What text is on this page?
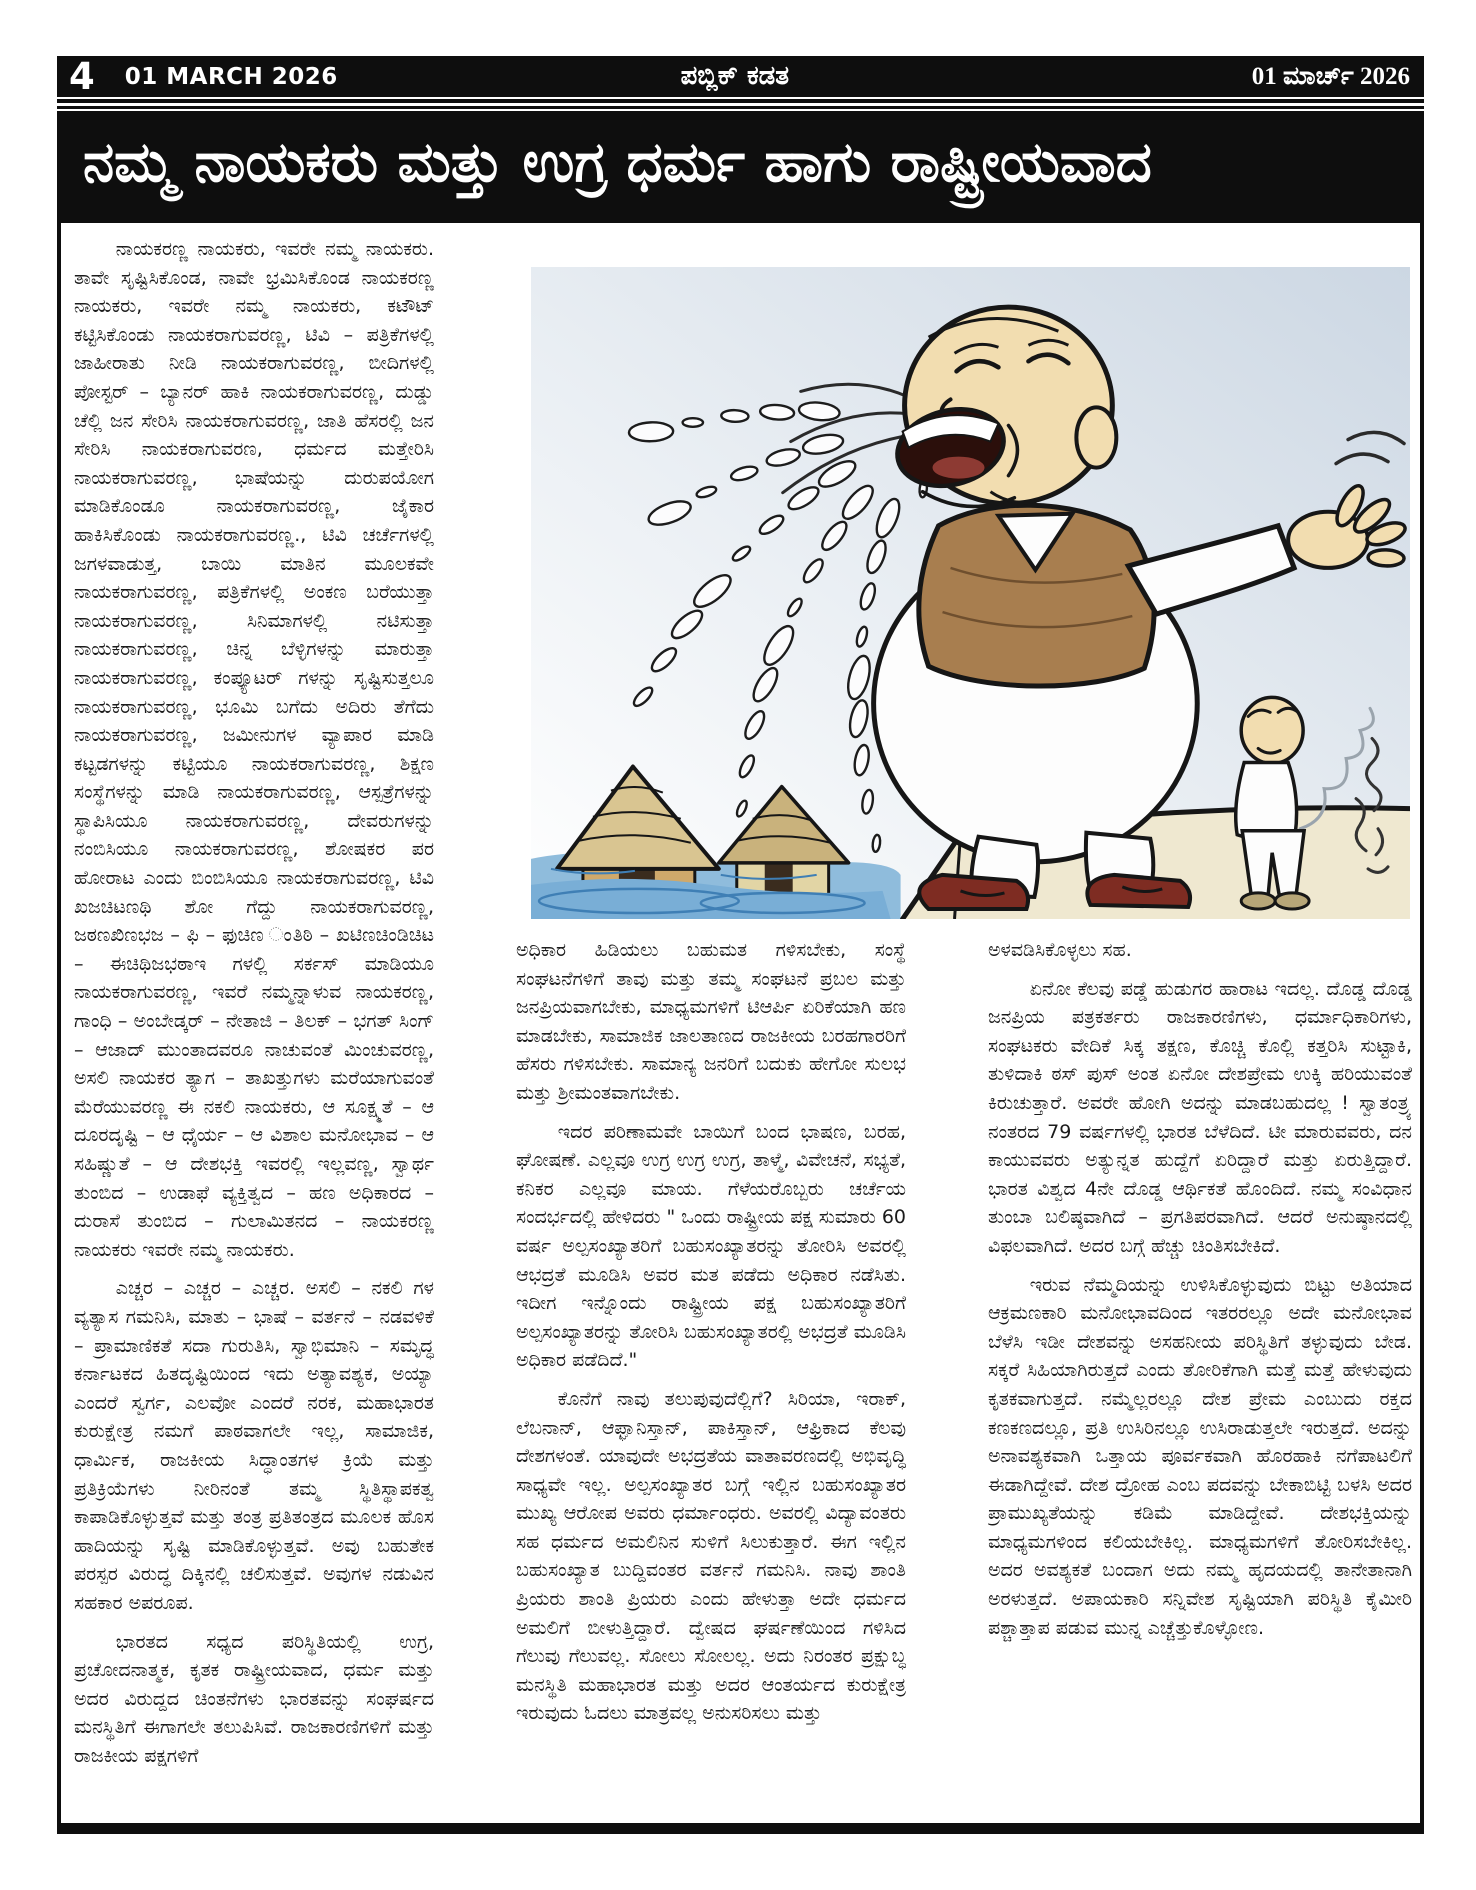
4 01 MARCH 2026	ಪಬ್ಲಿಕ್ ಕಡತ	01 ಮಾರ್ಚ್ 2026
ನಮ್ಮ ನಾಯಕರು ಮತ್ತು ಉಗ್ರ ಧರ್ಮ ಹಾಗು ರಾಷ್ಟ್ರೀಯವಾದ

ನಾಯಕರಣ್ಣ ನಾಯಕರು, ಇವರೇ ನಮ್ಮ ನಾಯಕರು. ತಾವೇ ಸೃಷ್ಟಿಸಿಕೊಂಡ, ನಾವೇ ಭ್ರಮಿಸಿಕೊಂಡ ನಾಯಕರಣ್ಣ ನಾಯಕರು, ಇವರೇ ನಮ್ಮ ನಾಯಕರು, ಕಟೌಟ್ ಕಟ್ಟಿಸಿಕೊಂಡು ನಾಯಕರಾಗುವರಣ್ಣ, ಟಿವಿ – ಪತ್ರಿಕೆಗಳಲ್ಲಿ ಜಾಹೀರಾತು ನೀಡಿ ನಾಯಕರಾಗುವರಣ್ಣ, ಬೀದಿಗಳಲ್ಲಿ ಪೋಸ್ಟರ್ – ಬ್ಯಾನರ್ ಹಾಕಿ ನಾಯಕರಾಗುವರಣ್ಣ, ದುಡ್ಡು ಚೆಲ್ಲಿ ಜನ ಸೇರಿಸಿ ನಾಯಕರಾಗುವರಣ್ಣ, ಜಾತಿ ಹೆಸರಲ್ಲಿ ಜನ ಸೇರಿಸಿ ನಾಯಕರಾಗುವರಣ, ಧರ್ಮದ ಮತ್ತೇರಿಸಿ ನಾಯಕರಾಗುವರಣ್ಣ, ಭಾಷೆಯನ್ನು ದುರುಪಯೋಗ ಮಾಡಿಕೊಂಡೂ ನಾಯಕರಾಗುವರಣ್ಣ, ಜೈಕಾರ ಹಾಕಿಸಿಕೊಂಡು ನಾಯಕರಾಗುವರಣ್ಣ., ಟಿವಿ ಚರ್ಚೆಗಳಲ್ಲಿ ಜಗಳವಾಡುತ್ತ, ಬಾಯಿ ಮಾತಿನ ಮೂಲಕವೇ ನಾಯಕರಾಗುವರಣ್ಣ, ಪತ್ರಿಕೆಗಳಲ್ಲಿ ಅಂಕಣ ಬರೆಯುತ್ತಾ ನಾಯಕರಾಗುವರಣ್ಣ, ಸಿನಿಮಾಗಳಲ್ಲಿ ನಟಿಸುತ್ತಾ ನಾಯಕರಾಗುವರಣ್ಣ, ಚಿನ್ನ ಬೆಳ್ಳಿಗಳನ್ನು ಮಾರುತ್ತಾ ನಾಯಕರಾಗುವರಣ್ಣ, ಕಂಪ್ಯೂಟರ್ ಗಳನ್ನು ಸೃಷ್ಟಿಸುತ್ತಲೂ ನಾಯಕರಾಗುವರಣ್ಣ, ಭೂಮಿ ಬಗೆದು ಅದಿರು ತೆಗೆದು ನಾಯಕರಾಗುವರಣ್ಣ, ಜಮೀನುಗಳ ವ್ಯಾಪಾರ ಮಾಡಿ ಕಟ್ಟಡಗಳನ್ನು ಕಟ್ಟಿಯೂ ನಾಯಕರಾಗುವರಣ್ಣ, ಶಿಕ್ಷಣ ಸಂಸ್ಥೆಗಳನ್ನು ಮಾಡಿ ನಾಯಕರಾಗುವರಣ್ಣ, ಆಸ್ಪತ್ರೆಗಳನ್ನು ಸ್ಥಾಪಿಸಿಯೂ ನಾಯಕರಾಗುವರಣ್ಣ, ದೇವರುಗಳನ್ನು ನಂಬಿಸಿಯೂ ನಾಯಕರಾಗುವರಣ್ಣ, ಶೋಷಕರ ಪರ ಹೋರಾಟ ಎಂದು ಬಿಂಬಿಸಿಯೂ ನಾಯಕರಾಗುವರಣ್ಣ, ಟಿವಿ ಖಜಚಿಟಣಥಿ ಶೋ ಗೆದ್ದು ನಾಯಕರಾಗುವರಣ್ಣ, ಜಠಣಖಿಣಭಜ – ಫಿ – ಫುಚಿಣ ಂತಿಠಿ – ಖಟಿಣಚಿಂಡಿಚಿಟ – ಈಚಿಥಿಜಭಠಾಇ ಗಳಲ್ಲಿ ಸರ್ಕಸ್ ಮಾಡಿಯೂ ನಾಯಕರಾಗುವರಣ್ಣ, ಇವರೆ ನಮ್ಮನ್ನಾಳುವ ನಾಯಕರಣ್ಣ, ಗಾಂಧಿ – ಅಂಬೇಡ್ಕರ್ – ನೇತಾಜಿ – ತಿಲಕ್ – ಭಗತ್ ಸಿಂಗ್ – ಆಜಾದ್ ಮುಂತಾದವರೂ ನಾಚುವಂತೆ ಮಿಂಚುವರಣ್ಣ, ಅಸಲಿ ನಾಯಕರ ತ್ಯಾಗ – ತಾಖತ್ತುಗಳು ಮರೆಯಾಗುವಂತೆ ಮೆರೆಯುವರಣ್ಣ ಈ ನಕಲಿ ನಾಯಕರು, ಆ ಸೂಕ್ಷ್ಮತೆ – ಆ ದೂರದೃಷ್ಟಿ – ಆ ಧೈರ್ಯ – ಆ ವಿಶಾಲ ಮನೋಭಾವ – ಆ ಸಹಿಷ್ಣುತೆ – ಆ ದೇಶಭಕ್ತಿ ಇವರಲ್ಲಿ ಇಲ್ಲವಣ್ಣ, ಸ್ವಾರ್ಥ ತುಂಬಿದ – ಉಡಾಫೆ ವ್ಯಕ್ತಿತ್ವದ – ಹಣ ಅಧಿಕಾರದ – ದುರಾಸೆ ತುಂಬಿದ – ಗುಲಾಮಿತನದ – ನಾಯಕರಣ್ಣ ನಾಯಕರು ಇವರೇ ನಮ್ಮ ನಾಯಕರು.

ಎಚ್ಚರ – ಎಚ್ಚರ – ಎಚ್ಚರ. ಅಸಲಿ – ನಕಲಿ ಗಳ ವ್ಯತ್ಯಾಸ ಗಮನಿಸಿ, ಮಾತು – ಭಾಷೆ – ವರ್ತನೆ – ನಡವಳಿಕೆ – ಪ್ರಾಮಾಣಿಕತೆ ಸದಾ ಗುರುತಿಸಿ, ಸ್ವಾಭಿಮಾನಿ – ಸಮೃದ್ಧ ಕರ್ನಾಟಕದ ಹಿತದೃಷ್ಟಿಯಿಂದ ಇದು ಅತ್ಯಾವಶ್ಯಕ, ಅಯ್ಯಾ ಎಂದರೆ ಸ್ವರ್ಗ, ಎಲವೋ ಎಂದರೆ ನರಕ, ಮಹಾಭಾರತ ಕುರುಕ್ಷೇತ್ರ ನಮಗೆ ಪಾಠವಾಗಲೇ ಇಲ್ಲ, ಸಾಮಾಜಿಕ, ಧಾರ್ಮಿಕ, ರಾಜಕೀಯ ಸಿದ್ಧಾಂತಗಳ ಕ್ರಿಯೆ ಮತ್ತು ಪ್ರತಿಕ್ರಿಯೆಗಳು ನೀರಿನಂತೆ ತಮ್ಮ ಸ್ಥಿತಿಸ್ಥಾಪಕತ್ವ ಕಾಪಾಡಿಕೊಳ್ಳುತ್ತವೆ ಮತ್ತು ತಂತ್ರ ಪ್ರತಿತಂತ್ರದ ಮೂಲಕ ಹೊಸ ಹಾದಿಯನ್ನು ಸೃಷ್ಟಿ ಮಾಡಿಕೊಳ್ಳುತ್ತವೆ. ಅವು ಬಹುತೇಕ ಪರಸ್ಪರ ವಿರುದ್ಧ ದಿಕ್ಕಿನಲ್ಲಿ ಚಲಿಸುತ್ತವೆ. ಅವುಗಳ ನಡುವಿನ ಸಹಕಾರ ಅಪರೂಪ.

ಭಾರತದ ಸಧ್ಯದ ಪರಿಸ್ಥಿತಿಯಲ್ಲಿ ಉಗ್ರ, ಪ್ರಚೋದನಾತ್ಮಕ, ಕೃತಕ ರಾಷ್ಟ್ರೀಯವಾದ, ಧರ್ಮ ಮತ್ತು ಅದರ ವಿರುದ್ದದ ಚಿಂತನೆಗಳು ಭಾರತವನ್ನು ಸಂಘರ್ಷದ ಮನಸ್ಥಿತಿಗೆ ಈಗಾಗಲೇ ತಲುಪಿಸಿವೆ. ರಾಜಕಾರಣಿಗಳಿಗೆ ಮತ್ತು ರಾಜಕೀಯ ಪಕ್ಷಗಳಿಗೆ

ಅಧಿಕಾರ ಹಿಡಿಯಲು ಬಹುಮತ ಗಳಿಸಬೇಕು, ಸಂಸ್ಥೆ ಸಂಘಟನೆಗಳಿಗೆ ತಾವು ಮತ್ತು ತಮ್ಮ ಸಂಘಟನೆ ಪ್ರಬಲ ಮತ್ತು ಜನಪ್ರಿಯವಾಗಬೇಕು, ಮಾಧ್ಯಮಗಳಿಗೆ ಟಿಆರ್ಪಿ ಏರಿಕೆಯಾಗಿ ಹಣ ಮಾಡಬೇಕು, ಸಾಮಾಜಿಕ ಜಾಲತಾಣದ ರಾಜಕೀಯ ಬರಹಗಾರರಿಗೆ ಹೆಸರು ಗಳಿಸಬೇಕು. ಸಾಮಾನ್ಯ ಜನರಿಗೆ ಬದುಕು ಹೇಗೋ ಸುಲಭ ಮತ್ತು ಶ್ರೀಮಂತವಾಗಬೇಕು.

ಇದರ ಪರಿಣಾಮವೇ ಬಾಯಿಗೆ ಬಂದ ಭಾಷಣ, ಬರಹ, ಘೋಷಣೆ. ಎಲ್ಲವೂ ಉಗ್ರ ಉಗ್ರ ಉಗ್ರ, ತಾಳ್ಮೆ, ವಿವೇಚನೆ, ಸಭ್ಯತೆ, ಕನಿಕರ ಎಲ್ಲವೂ ಮಾಯ. ಗೆಳೆಯರೊಬ್ಬರು ಚರ್ಚೆಯ ಸಂದರ್ಭದಲ್ಲಿ ಹೇಳಿದರು " ಒಂದು ರಾಷ್ಟ್ರೀಯ ಪಕ್ಷ ಸುಮಾರು 60 ವರ್ಷ ಅಲ್ಪಸಂಖ್ಯಾತರಿಗೆ ಬಹುಸಂಖ್ಯಾತರನ್ನು ತೋರಿಸಿ ಅವರಲ್ಲಿ ಆಭದ್ರತೆ ಮೂಡಿಸಿ ಅವರ ಮತ ಪಡೆದು ಅಧಿಕಾರ ನಡೆಸಿತು. ಇದೀಗ ಇನ್ನೊಂದು ರಾಷ್ಟ್ರೀಯ ಪಕ್ಷ ಬಹುಸಂಖ್ಯಾತರಿಗೆ ಅಲ್ಪಸಂಖ್ಯಾತರನ್ನು ತೋರಿಸಿ ಬಹುಸಂಖ್ಯಾತರಲ್ಲಿ ಅಭದ್ರತೆ ಮೂಡಿಸಿ ಅಧಿಕಾರ ಪಡೆದಿದೆ."

ಕೊನೆಗೆ ನಾವು ತಲುಪುವುದೆಲ್ಲಿಗೆ? ಸಿರಿಯಾ, ಇರಾಕ್, ಲೆಬನಾನ್, ಆಫ್ಘಾನಿಸ್ತಾನ್, ಪಾಕಿಸ್ತಾನ್, ಆಫ್ರಿಕಾದ ಕೆಲವು ದೇಶಗಳಂತೆ. ಯಾವುದೇ ಅಭದ್ರತೆಯ ವಾತಾವರಣದಲ್ಲಿ ಅಭಿವೃದ್ಧಿ ಸಾಧ್ಯವೇ ಇಲ್ಲ. ಅಲ್ಪಸಂಖ್ಯಾತರ ಬಗ್ಗೆ ಇಲ್ಲಿನ ಬಹುಸಂಖ್ಯಾತರ ಮುಖ್ಯ ಆರೋಪ ಅವರು ಧರ್ಮಾಂಧರು. ಅವರಲ್ಲಿ ವಿದ್ಯಾವಂತರು ಸಹ ಧರ್ಮದ ಅಮಲಿನಿನ ಸುಳಿಗೆ ಸಿಲುಕುತ್ತಾರೆ. ಈಗ ಇಲ್ಲಿನ ಬಹುಸಂಖ್ಯಾತ ಬುದ್ದಿವಂತರ ವರ್ತನೆ ಗಮನಿಸಿ. ನಾವು ಶಾಂತಿ ಪ್ರಿಯರು ಶಾಂತಿ ಪ್ರಿಯರು ಎಂದು ಹೇಳುತ್ತಾ ಅದೇ ಧರ್ಮದ ಅಮಲಿಗೆ ಬೀಳುತ್ತಿದ್ದಾರೆ. ದ್ವೇಷದ ಘರ್ಷಣೆಯಿಂದ ಗಳಿಸಿದ ಗೆಲುವು ಗೆಲುವಲ್ಲ. ಸೋಲು ಸೋಲಲ್ಲ. ಅದು ನಿರಂತರ ಪ್ರಕ್ಷುಬ್ಧ ಮನಸ್ಥಿತಿ ಮಹಾಭಾರತ ಮತ್ತು ಅದರ ಆಂತರ್ಯದ ಕುರುಕ್ಷೇತ್ರ ಇರುವುದು ಓದಲು ಮಾತ್ರವಲ್ಲ ಅನುಸರಿಸಲು ಮತ್ತು

ಅಳವಡಿಸಿಕೊಳ್ಳಲು ಸಹ.

ಏನೋ ಕೆಲವು ಪಡ್ಡೆ ಹುಡುಗರ ಹಾರಾಟ ಇದಲ್ಲ. ದೊಡ್ಡ ದೊಡ್ಡ ಜನಪ್ರಿಯ ಪತ್ರಕರ್ತರು ರಾಜಕಾರಣಿಗಳು, ಧರ್ಮಾಧಿಕಾರಿಗಳು, ಸಂಘಟಕರು ವೇದಿಕೆ ಸಿಕ್ಕ ತಕ್ಷಣ, ಕೊಚ್ಚಿ ಕೊಲ್ಲಿ ಕತ್ತರಿಸಿ ಸುಟ್ಟಾಕಿ, ತುಳಿದಾಕಿ ಠಸ್ ಪುಸ್ ಅಂತ ಏನೋ ದೇಶಪ್ರೇಮ ಉಕ್ಕಿ ಹರಿಯುವಂತೆ ಕಿರುಚುತ್ತಾರೆ. ಅವರೇ ಹೋಗಿ ಅದನ್ನು ಮಾಡಬಹುದಲ್ಲ ! ಸ್ವಾತಂತ್ರ್ಯ ನಂತರದ 79 ವರ್ಷಗಳಲ್ಲಿ ಭಾರತ ಬೆಳೆದಿದೆ. ಟೀ ಮಾರುವವರು, ದನ ಕಾಯುವವರು ಅತ್ಯುನ್ನತ ಹುದ್ದೆಗೆ ಏರಿದ್ದಾರೆ ಮತ್ತು ಏರುತ್ತಿದ್ದಾರೆ. ಭಾರತ ವಿಶ್ವದ 4ನೇ ದೊಡ್ಡ ಆರ್ಥಿಕತೆ ಹೊಂದಿದೆ. ನಮ್ಮ ಸಂವಿಧಾನ ತುಂಬಾ ಬಲಿಷ್ಠವಾಗಿದೆ – ಪ್ರಗತಿಪರವಾಗಿದೆ. ಆದರೆ ಅನುಷ್ಠಾನದಲ್ಲಿ ವಿಫಲವಾಗಿದೆ. ಅದರ ಬಗ್ಗೆ ಹೆಚ್ಚು ಚಿಂತಿಸಬೇಕಿದೆ.

ಇರುವ ನೆಮ್ಮದಿಯನ್ನು ಉಳಿಸಿಕೊಳ್ಳುವುದು ಬಿಟ್ಟು ಅತಿಯಾದ ಆಕ್ರಮಣಕಾರಿ ಮನೋಭಾವದಿಂದ ಇತರರಲ್ಲೂ ಅದೇ ಮನೋಭಾವ ಬೆಳೆಸಿ ಇಡೀ ದೇಶವನ್ನು ಅಸಹನೀಯ ಪರಿಸ್ಥಿತಿಗೆ ತಳ್ಳುವುದು ಬೇಡ. ಸಕ್ಕರೆ ಸಿಹಿಯಾಗಿರುತ್ತದೆ ಎಂದು ತೋರಿಕೆಗಾಗಿ ಮತ್ತೆ ಮತ್ತೆ ಹೇಳುವುದು ಕೃತಕವಾಗುತ್ತದೆ. ನಮ್ಮೆಲ್ಲರಲ್ಲೂ ದೇಶ ಪ್ರೇಮ ಎಂಬುದು ರಕ್ತದ ಕಣಕಣದಲ್ಲೂ, ಪ್ರತಿ ಉಸಿರಿನಲ್ಲೂ ಉಸಿರಾಡುತ್ತಲೇ ಇರುತ್ತದೆ. ಅದನ್ನು ಅನಾವಶ್ಯಕವಾಗಿ ಒತ್ತಾಯ ಪೂರ್ವಕವಾಗಿ ಹೊರಹಾಕಿ ನಗೆಪಾಟಲಿಗೆ ಈಡಾಗಿದ್ದೇವೆ. ದೇಶ ದ್ರೋಹ ಎಂಬ ಪದವನ್ನು ಬೇಕಾಬಿಟ್ಟಿ ಬಳಸಿ ಅದರ ಪ್ರಾಮುಖ್ಯತೆಯನ್ನು ಕಡಿಮೆ ಮಾಡಿದ್ದೇವೆ. ದೇಶಭಕ್ತಿಯನ್ನು ಮಾಧ್ಯಮಗಳಿಂದ ಕಲಿಯಬೇಕಿಲ್ಲ. ಮಾಧ್ಯಮಗಳಿಗೆ ತೋರಿಸಬೇಕಿಲ್ಲ. ಅದರ ಅವಶ್ಯಕತೆ ಬಂದಾಗ ಅದು ನಮ್ಮ ಹೃದಯದಲ್ಲಿ ತಾನೇತಾನಾಗಿ ಅರಳುತ್ತದೆ. ಅಪಾಯಕಾರಿ ಸನ್ನಿವೇಶ ಸೃಷ್ಟಿಯಾಗಿ ಪರಿಸ್ಥಿತಿ ಕೈಮೀರಿ ಪಶ್ಚಾತ್ತಾಪ ಪಡುವ ಮುನ್ನ ಎಚ್ಚೆತ್ತುಕೊಳ್ಳೋಣ.
